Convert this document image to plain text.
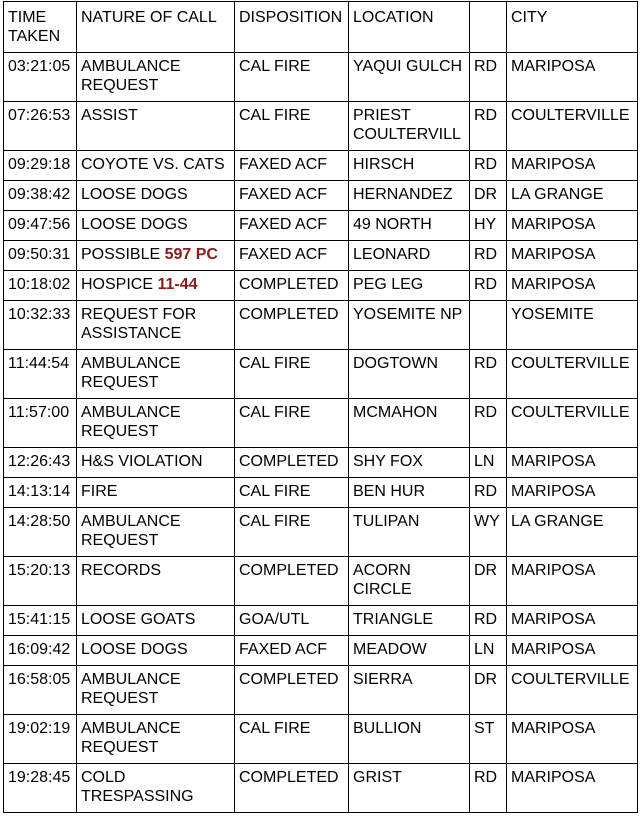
TIME TAKEN	NATURE OF CALL	DISPOSITION	LOCATION		CITY
03:21:05	AMBULANCE REQUEST	CAL FIRE	YAQUI GULCH	RD	MARIPOSA
07:26:53	ASSIST	CAL FIRE	PRIEST COULTERVILL	RD	COULTERVILLE
09:29:18	COYOTE VS. CATS	FAXED ACF	HIRSCH	RD	MARIPOSA
09:38:42	LOOSE DOGS	FAXED ACF	HERNANDEZ	DR	LA GRANGE
09:47:56	LOOSE DOGS	FAXED ACF	49 NORTH	HY	MARIPOSA
09:50:31	POSSIBLE 597 PC	FAXED ACF	LEONARD	RD	MARIPOSA
10:18:02	HOSPICE 11-44	COMPLETED	PEG LEG	RD	MARIPOSA
10:32:33	REQUEST FOR ASSISTANCE	COMPLETED	YOSEMITE NP		YOSEMITE
11:44:54	AMBULANCE REQUEST	CAL FIRE	DOGTOWN	RD	COULTERVILLE
11:57:00	AMBULANCE REQUEST	CAL FIRE	MCMAHON	RD	COULTERVILLE
12:26:43	H&S VIOLATION	COMPLETED	SHY FOX	LN	MARIPOSA
14:13:14	FIRE	CAL FIRE	BEN HUR	RD	MARIPOSA
14:28:50	AMBULANCE REQUEST	CAL FIRE	TULIPAN	WY	LA GRANGE
15:20:13	RECORDS	COMPLETED	ACORN CIRCLE	DR	MARIPOSA
15:41:15	LOOSE GOATS	GOA/UTL	TRIANGLE	RD	MARIPOSA
16:09:42	LOOSE DOGS	FAXED ACF	MEADOW	LN	MARIPOSA
16:58:05	AMBULANCE REQUEST	COMPLETED	SIERRA	DR	COULTERVILLE
19:02:19	AMBULANCE REQUEST	CAL FIRE	BULLION	ST	MARIPOSA
19:28:45	COLD TRESPASSING	COMPLETED	GRIST	RD	MARIPOSA
